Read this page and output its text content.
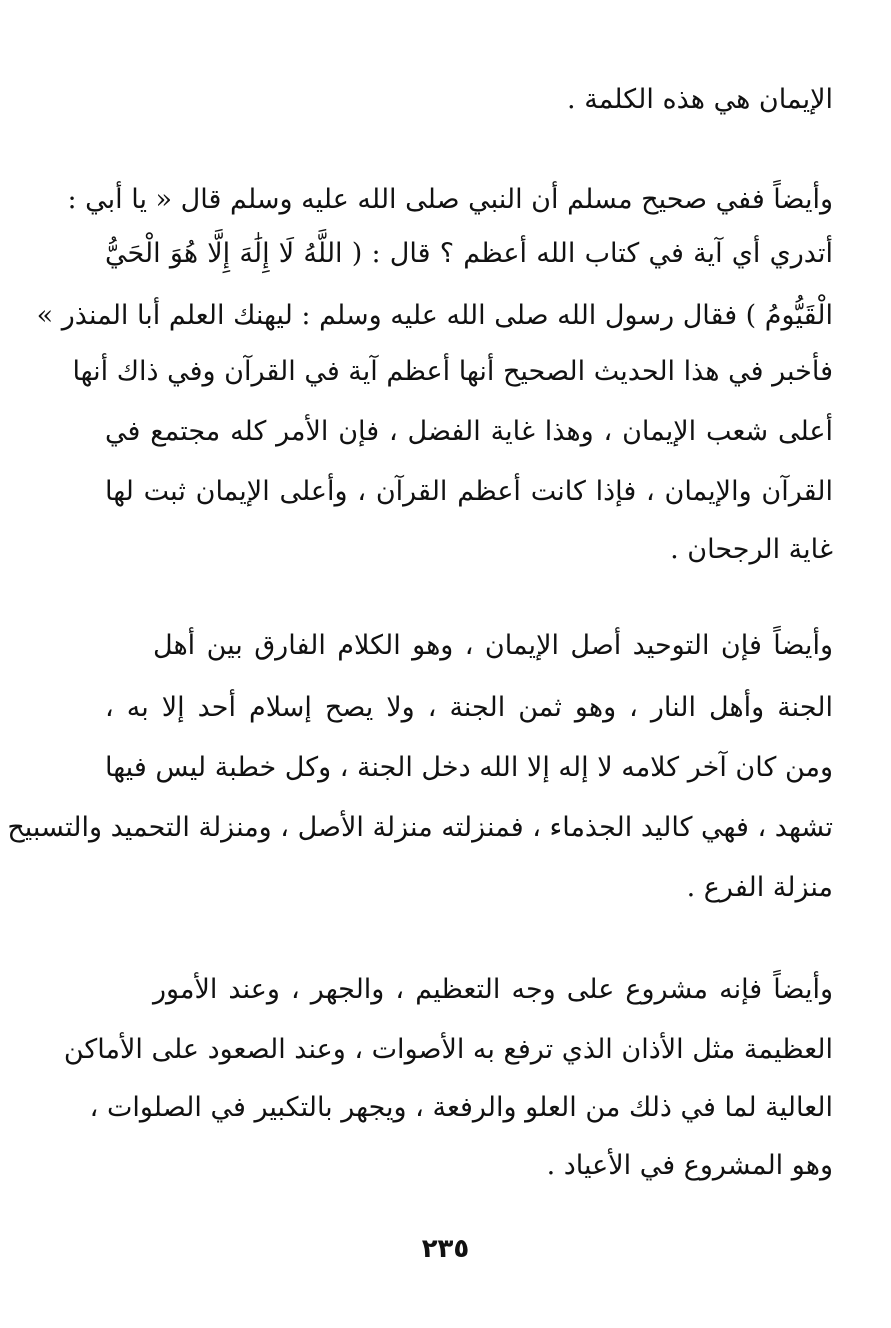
الإيمان هي هذه الكلمة .
وأيضاً ففي صحيح مسلم أن النبي صلى الله عليه وسلم قال « يا أبي :
أتدري أي آية في كتاب الله أعظم ؟ قال : ( اللَّهُ لَا إِلَٰهَ إِلَّا هُوَ الْحَيُّ
الْقَيُّومُ ) فقال رسول الله صلى الله عليه وسلم : ليهنك العلم أبا المنذر »
فأخبر في هذا الحديث الصحيح أنها أعظم آية في القرآن وفي ذاك أنها
أعلى شعب الإيمان ، وهذا غاية الفضل ، فإن الأمر كله مجتمع في
القرآن والإيمان ، فإذا كانت أعظم القرآن ، وأعلى الإيمان ثبت لها
غاية الرجحان .
وأيضاً فإن التوحيد أصل الإيمان ، وهو الكلام الفارق بين أهل
الجنة وأهل النار ، وهو ثمن الجنة ، ولا يصح إسلام أحد إلا به ،
ومن كان آخر كلامه لا إله إلا الله دخل الجنة ، وكل خطبة ليس فيها
تشهد ، فهي كاليد الجذماء ، فمنزلته منزلة الأصل ، ومنزلة التحميد والتسبيح
منزلة الفرع .
وأيضاً فإنه مشروع على وجه التعظيم ، والجهر ، وعند الأمور
العظيمة مثل الأذان الذي ترفع به الأصوات ، وعند الصعود على الأماكن
العالية لما في ذلك من العلو والرفعة ، ويجهر بالتكبير في الصلوات ،
وهو المشروع في الأعياد .
٢٣٥
